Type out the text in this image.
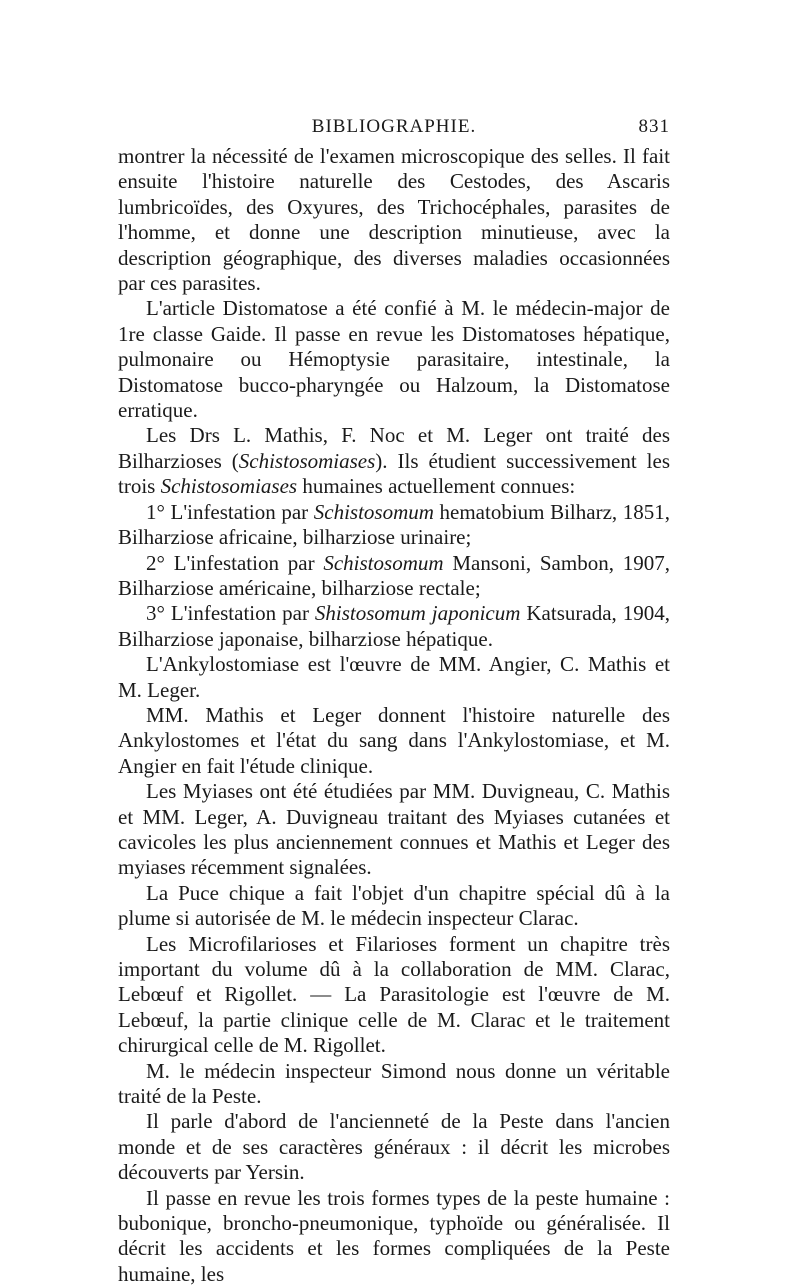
BIBLIOGRAPHIE.	831

montrer la nécessité de l'examen microscopique des selles. Il fait ensuite l'histoire naturelle des Cestodes, des Ascaris lumbricoïdes, des Oxyures, des Trichocéphales, parasites de l'homme, et donne une description minutieuse, avec la description géographique, des diverses maladies occasionnées par ces parasites.

L'article Distomatose a été confié à M. le médecin-major de 1re classe Gaide. Il passe en revue les Distomatoses hépatique, pulmonaire ou Hémoptysie parasitaire, intestinale, la Distomatose bucco-pharyngée ou Halzoum, la Distomatose erratique.

Les Drs L. Mathis, F. Noc et M. Leger ont traité des Bilharzioses (Schistosomiases). Ils étudient successivement les trois Schistosomiases humaines actuellement connues:

1° L'infestation par Schistosomum hematobium Bilharz, 1851, Bilharziose africaine, bilharziose urinaire;

2° L'infestation par Schistosomum Mansoni, Sambon, 1907, Bilharziose américaine, bilharziose rectale;

3° L'infestation par Shistosomum japonicum Katsurada, 1904, Bilharziose japonaise, bilharziose hépatique.

L'Ankylostomiase est l'œuvre de MM. Angier, C. Mathis et M. Leger.

MM. Mathis et Leger donnent l'histoire naturelle des Ankylostomes et l'état du sang dans l'Ankylostomiase, et M. Angier en fait l'étude clinique.

Les Myiases ont été étudiées par MM. Duvigneau, C. Mathis et MM. Leger, A. Duvigneau traitant des Myiases cutanées et cavicoles les plus anciennement connues et Mathis et Leger des myiases récemment signalées.

La Puce chique a fait l'objet d'un chapitre spécial dû à la plume si autorisée de M. le médecin inspecteur Clarac.

Les Microfilarioses et Filarioses forment un chapitre très important du volume dû à la collaboration de MM. Clarac, Lebœuf et Rigollet. — La Parasitologie est l'œuvre de M. Lebœuf, la partie clinique celle de M. Clarac et le traitement chirurgical celle de M. Rigollet.

M. le médecin inspecteur Simond nous donne un véritable traité de la Peste.

Il parle d'abord de l'ancienneté de la Peste dans l'ancien monde et de ses caractères généraux : il décrit les microbes découverts par Yersin.

Il passe en revue les trois formes types de la peste humaine : bubonique, broncho-pneumonique, typhoïde ou généralisée. Il décrit les accidents et les formes compliquées de la Peste humaine, les
